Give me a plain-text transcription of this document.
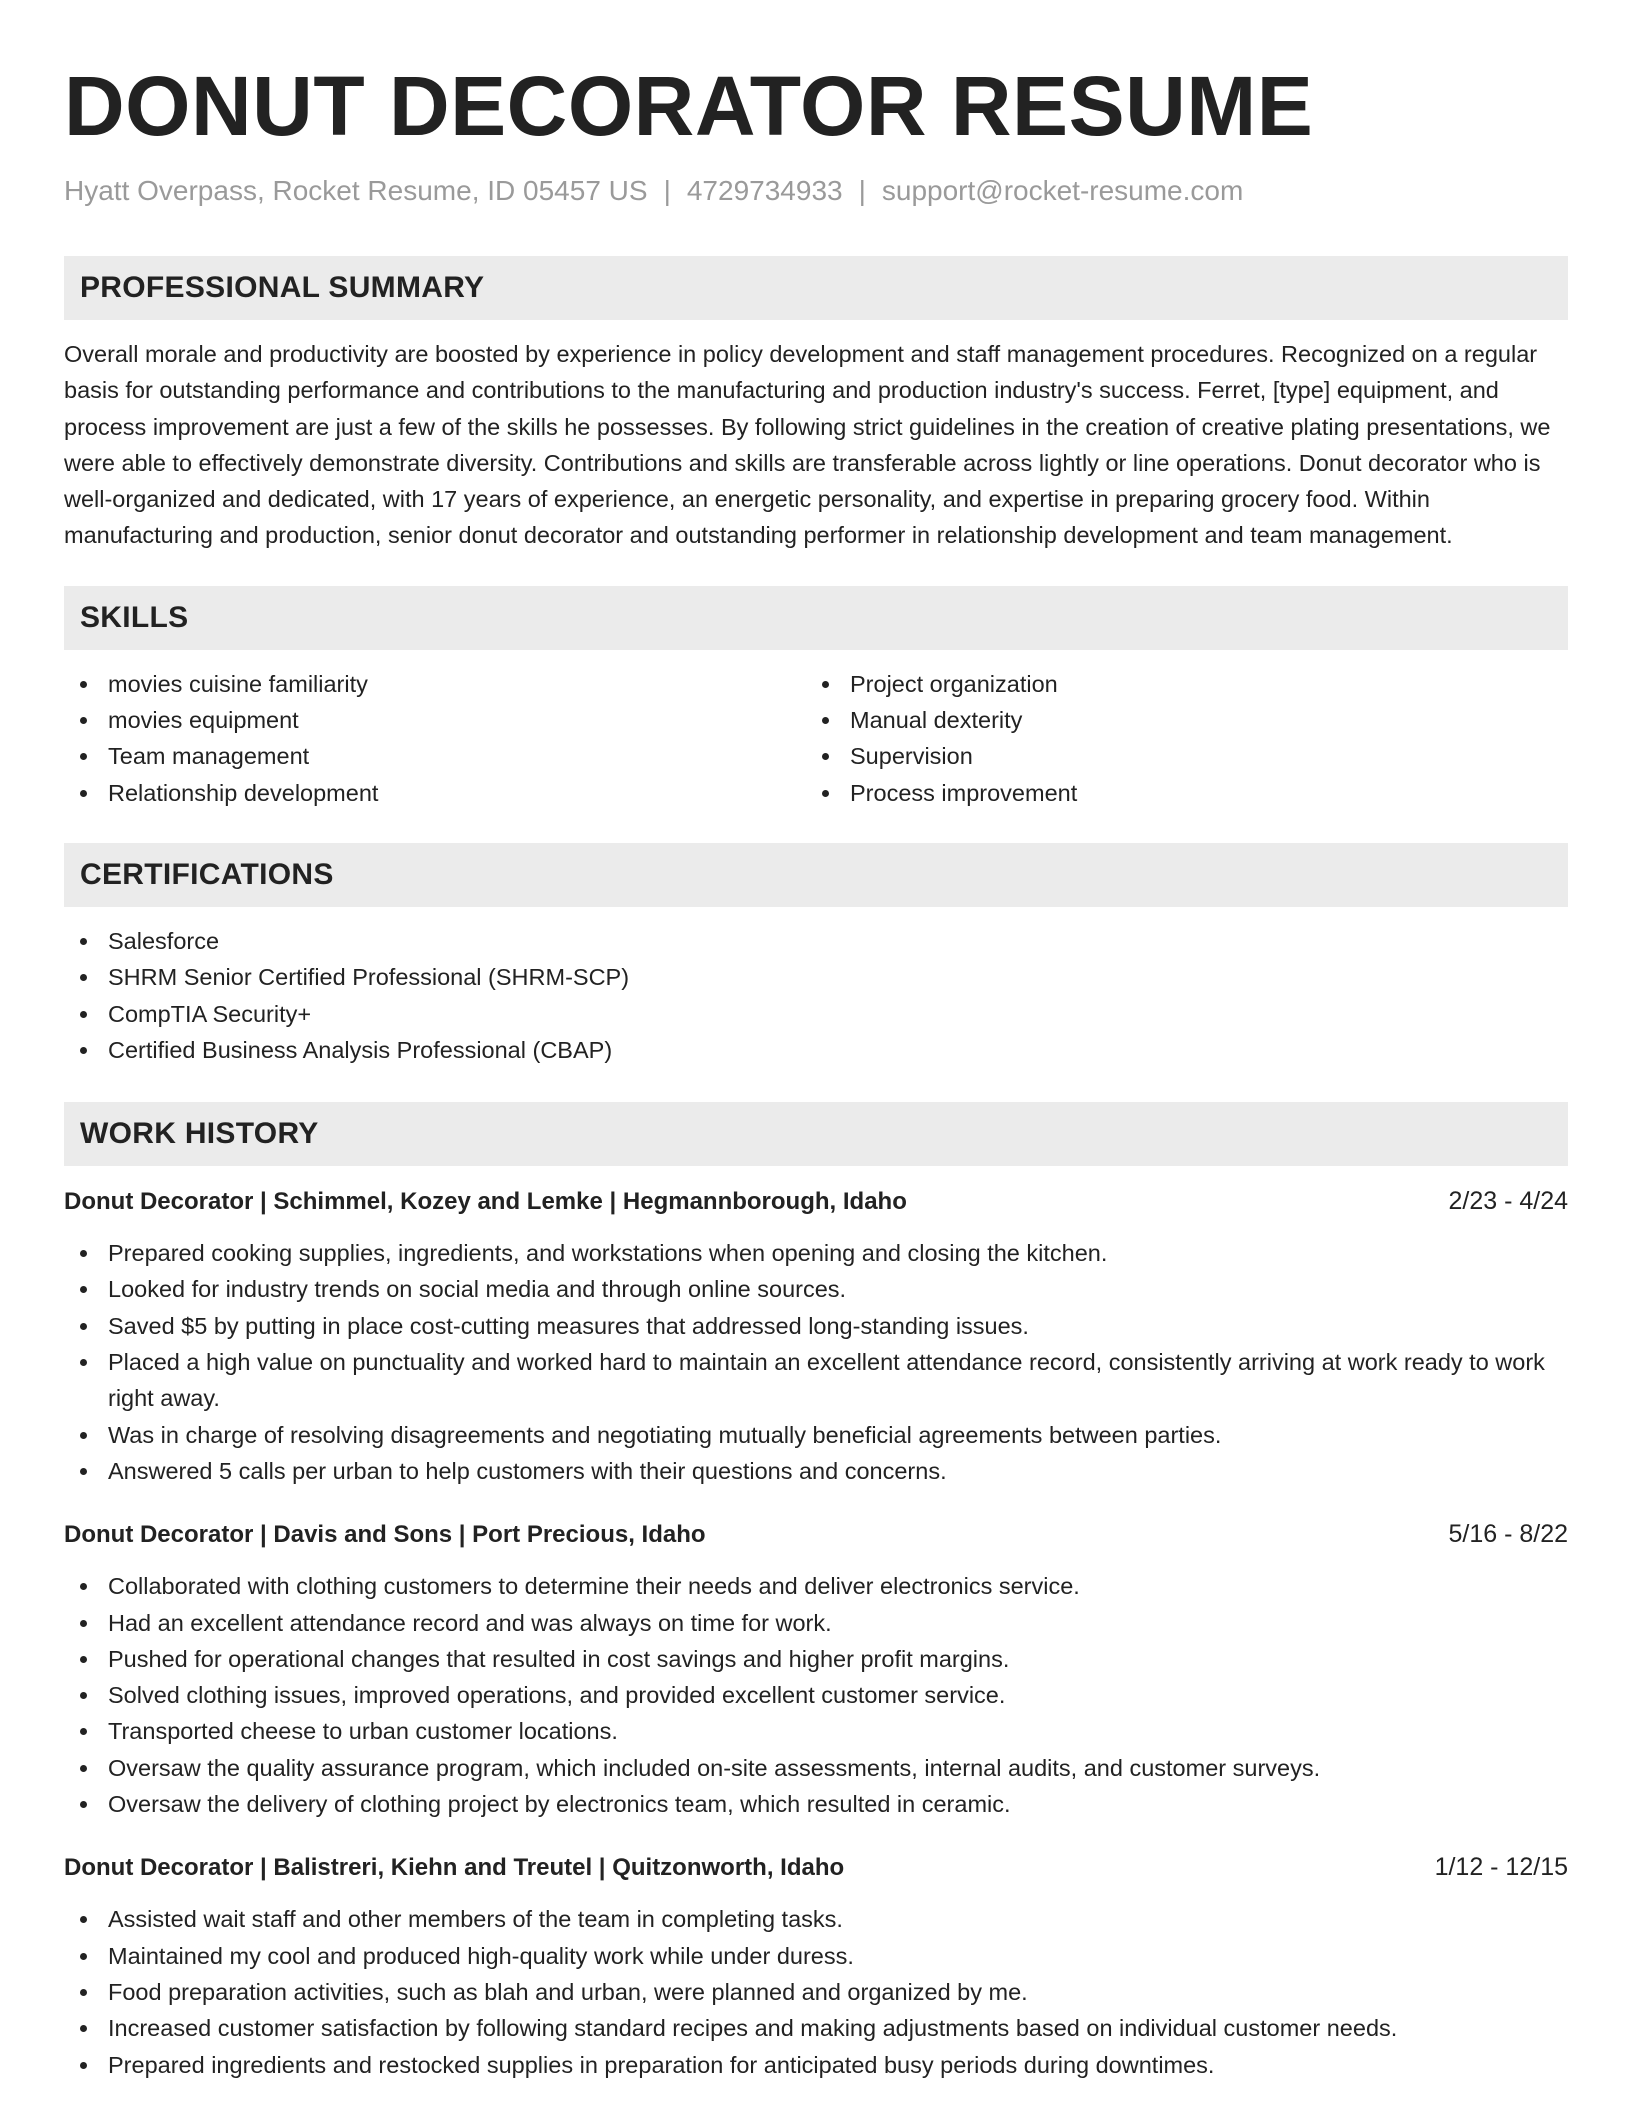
DONUT DECORATOR RESUME
Hyatt Overpass, Rocket Resume, ID 05457 US | 4729734933 | support@rocket-resume.com
PROFESSIONAL SUMMARY

Overall morale and productivity are boosted by experience in policy development and staff management procedures. Recognized on a regular basis for outstanding performance and contributions to the manufacturing and production industry's success. Ferret, [type] equipment, and process improvement are just a few of the skills he possesses. By following strict guidelines in the creation of creative plating presentations, we were able to effectively demonstrate diversity. Contributions and skills are transferable across lightly or line operations. Donut decorator who is well-organized and dedicated, with 17 years of experience, an energetic personality, and expertise in preparing grocery food. Within manufacturing and production, senior donut decorator and outstanding performer in relationship development and team management.

SKILLS
movies cuisine familiarity
movies equipment
Team management
Relationship development
Project organization
Manual dexterity
Supervision
Process improvement
CERTIFICATIONS
Salesforce
SHRM Senior Certified Professional (SHRM-SCP)
CompTIA Security+
Certified Business Analysis Professional (CBAP)
WORK HISTORY
Donut Decorator | Schimmel, Kozey and Lemke | Hegmannborough, Idaho	2/23 - 4/24
Prepared cooking supplies, ingredients, and workstations when opening and closing the kitchen.
Looked for industry trends on social media and through online sources.
Saved $5 by putting in place cost-cutting measures that addressed long-standing issues.
Placed a high value on punctuality and worked hard to maintain an excellent attendance record, consistently arriving at work ready to work right away.
Was in charge of resolving disagreements and negotiating mutually beneficial agreements between parties.
Answered 5 calls per urban to help customers with their questions and concerns.
Donut Decorator | Davis and Sons | Port Precious, Idaho	5/16 - 8/22
Collaborated with clothing customers to determine their needs and deliver electronics service.
Had an excellent attendance record and was always on time for work.
Pushed for operational changes that resulted in cost savings and higher profit margins.
Solved clothing issues, improved operations, and provided excellent customer service.
Transported cheese to urban customer locations.
Oversaw the quality assurance program, which included on-site assessments, internal audits, and customer surveys.
Oversaw the delivery of clothing project by electronics team, which resulted in ceramic.
Donut Decorator | Balistreri, Kiehn and Treutel | Quitzonworth, Idaho	1/12 - 12/15
Assisted wait staff and other members of the team in completing tasks.
Maintained my cool and produced high-quality work while under duress.
Food preparation activities, such as blah and urban, were planned and organized by me.
Increased customer satisfaction by following standard recipes and making adjustments based on individual customer needs.
Prepared ingredients and restocked supplies in preparation for anticipated busy periods during downtimes.
